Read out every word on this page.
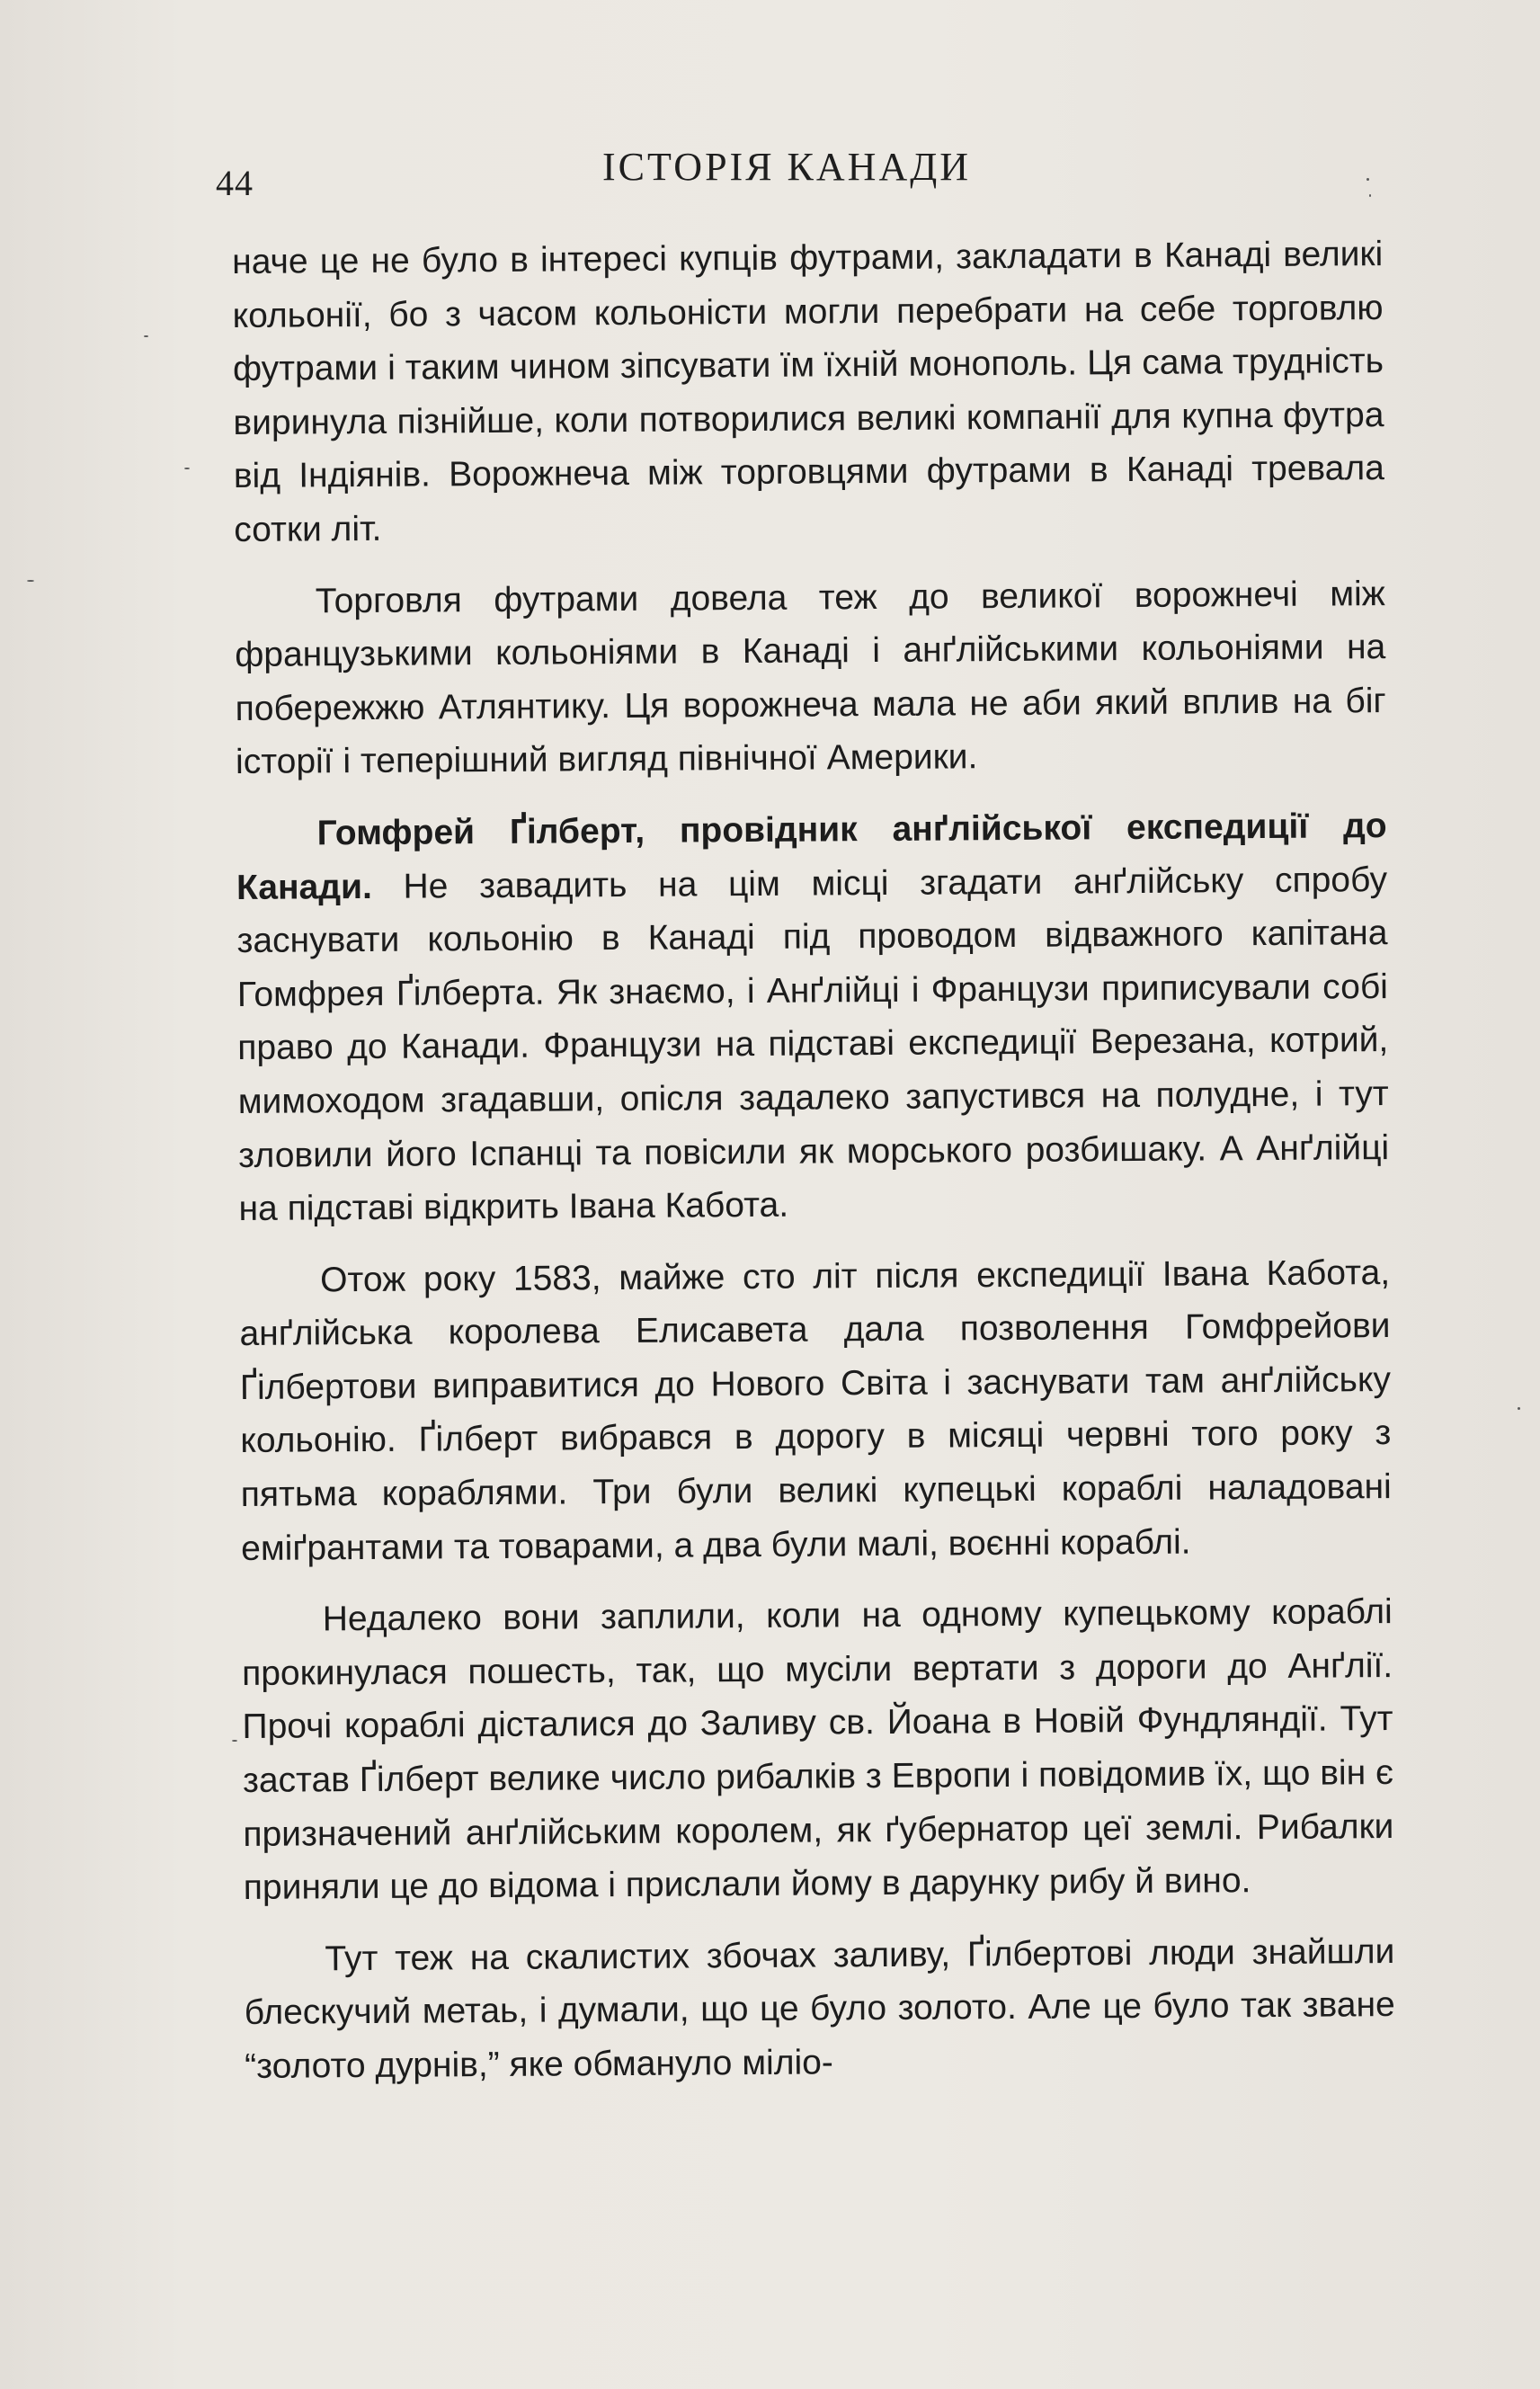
44	ІСТОРІЯ КАНАДИ

наче це не було в інтересі купців футрами, закладати в Канаді великі кольонії, бо з часом кольоністи могли перебрати на себе торговлю футрами і таким чином зіпсувати їм їхній монополь. Ця сама трудність виринула пізнійше, коли потворилися великі компанії для купна футра від Індіянів. Ворожнеча між торговцями футрами в Канаді тревала сотки літ.

Торговля футрами довела теж до великої ворожнечі між французькими кольоніями в Канаді і анґлійськими кольоніями на побережжю Атлянтику. Ця ворожнеча мала не аби який вплив на біг історії і теперішний вигляд північної Америки.

Гомфрей Ґілберт, провідник анґлійської експедиції до Канади. Не завадить на цім місці згадати анґлійську спробу заснувати кольонію в Канаді під проводом відважного капітана Гомфрея Ґілберта. Як знаємо, і Анґлійці і Французи приписували собі право до Канади. Французи на підставі експедиції Верезана, котрий, мимоходом згадавши, опісля задалеко запустився на полудне, і тут зловили його Іспанці та повісили як морського розбишаку. А Анґлійці на підставі відкрить Івана Кабота.

Отож року 1583, майже сто літ після експедиції Івана Кабота, анґлійська королева Елисавета дала позволення Гомфрейови Ґілбертови виправитися до Нового Світа і заснувати там анґлійську кольонію. Ґілберт вибрався в дорогу в місяці червні того року з пятьма кораблями. Три були великі купецькі кораблі наладовані еміґрантами та товарами, а два були малі, воєнні кораблі.

Недалеко вони заплили, коли на одному купецькому кораблі прокинулася пошесть, так, що мусіли вертати з дороги до Анґлії. Прочі кораблі дісталися до Заливу св. Йоана в Новій Фундляндії. Тут застав Ґілберт велике число рибалків з Европи і повідомив їх, що він є призначений анґлійським королем, як ґубернатор цеї землі. Рибалки приняли це до відома і прислали йому в дарунку рибу й вино.

Тут теж на скалистих збочах заливу, Ґілбертові люди знайшли блескучий метаь, і думали, що це було золото. Але це було так зване “золото дурнів,” яке обмануло міліо-
